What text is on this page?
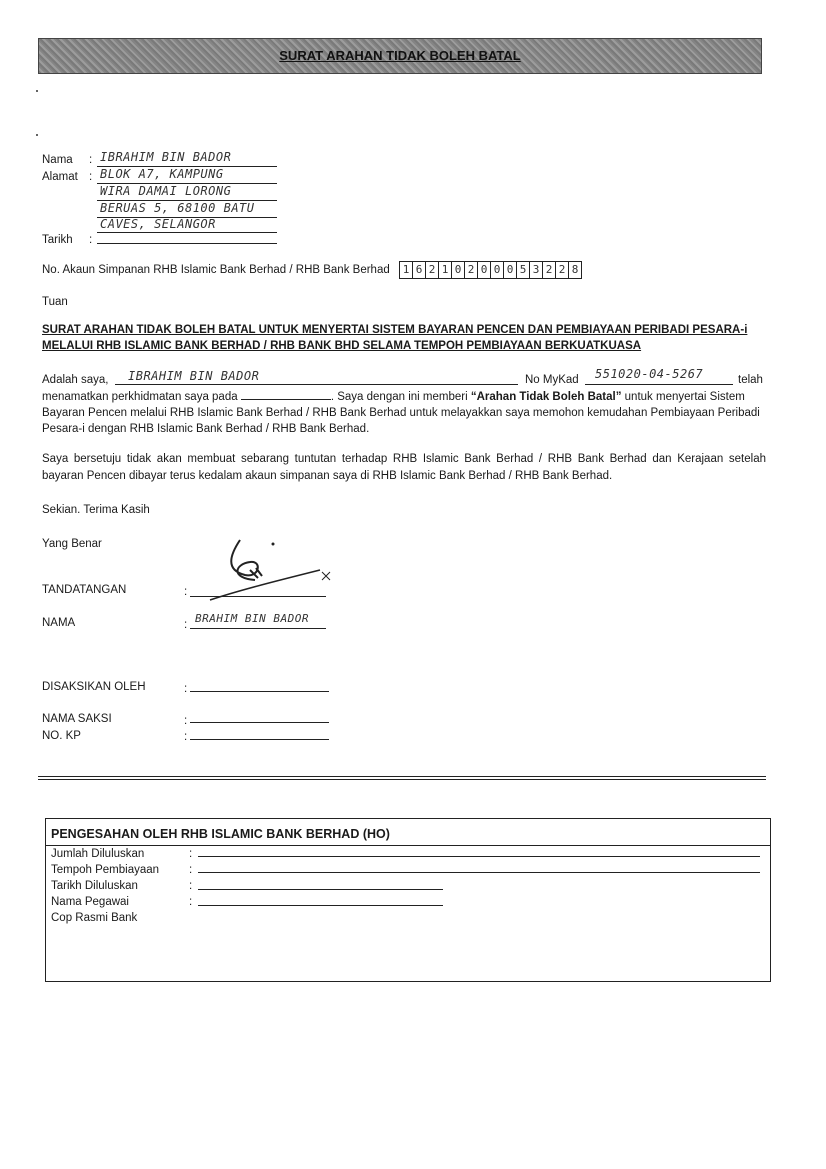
SURAT ARAHAN TIDAK BOLEH BATAL
Nama : IBRAHIM BIN BADOR
Alamat : BLOK A7, KAMPUNG
WIRA DAMAI LORONG
BERUAS 5, 68100 BATU
CAVES, SELANGOR
Tarikh :
No. Akaun Simpanan RHB Islamic Bank Berhad / RHB Bank Berhad 1 6 2 1 0 2 0 0 0 5 3 2 2 8
Tuan
SURAT ARAHAN TIDAK BOLEH BATAL UNTUK MENYERTAI SISTEM BAYARAN PENCEN DAN PEMBIAYAAN PERIBADI PESARA-i MELALUI RHB ISLAMIC BANK BERHAD / RHB BANK BHD SELAMA TEMPOH PEMBIAYAAN BERKUATKUASA
Adalah saya, IBRAHIM BIN BADOR	No MyKad 551020-04-5267	telah
menamatkan perkhidmatan saya pada	. Saya dengan ini memberi “Arahan Tidak Boleh Batal” untuk menyertai Sistem
Bayaran Pencen melalui RHB Islamic Bank Berhad / RHB Bank Berhad untuk melayakkan saya memohon kemudahan Pembiayaan Peribadi
Pesara-i dengan RHB Islamic Bank Berhad / RHB Bank Berhad.
Saya bersetuju tidak akan membuat sebarang tuntutan terhadap RHB Islamic Bank Berhad / RHB Bank Berhad dan Kerajaan setelah bayaran Pencen dibayar terus kedalam akaun simpanan saya di RHB Islamic Bank Berhad / RHB Bank Berhad.
Sekian. Terima Kasih
Yang Benar
TANDATANGAN	:
NAMA	: BRAHIM BIN BADOR
DISAKSIKAN OLEH	:
NAMA SAKSI	:
NO. KP	:
PENGESAHAN OLEH RHB ISLAMIC BANK BERHAD (HO)
Jumlah Diluluskan	:
Tempoh Pembiayaan	:
Tarikh Diluluskan	:
Nama Pegawai	:
Cop Rasmi Bank
